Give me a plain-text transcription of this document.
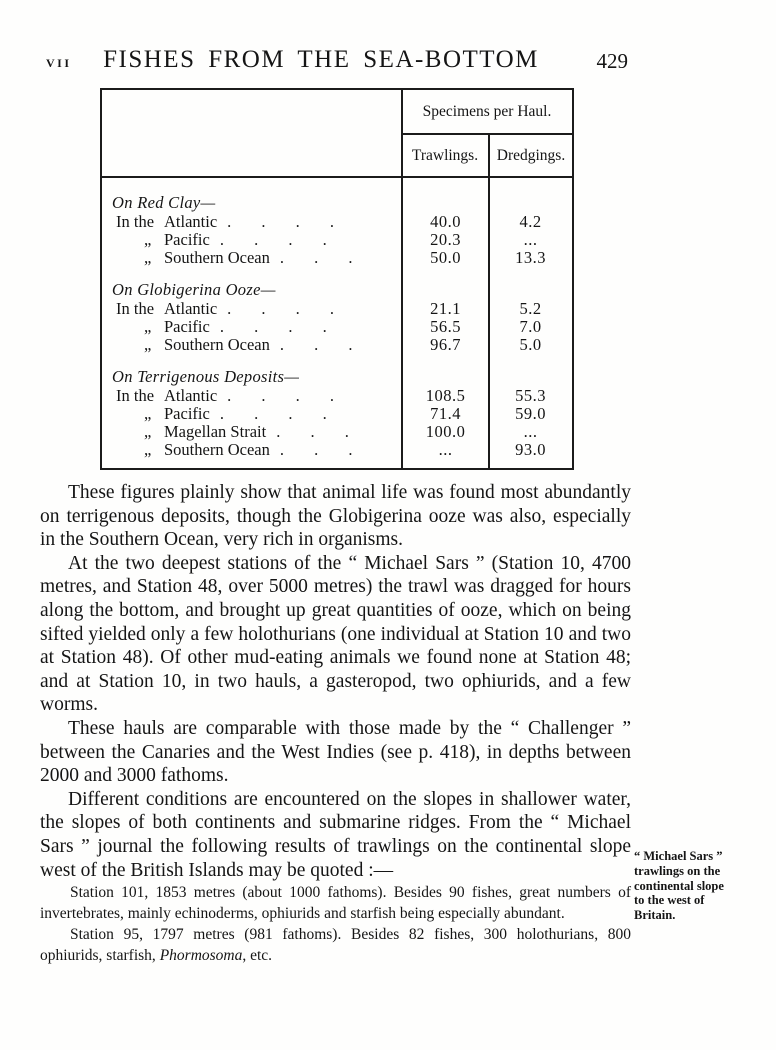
VII FISHES FROM THE SEA-BOTTOM	429
Specimens per Haul.
Trawlings.	Dredgings.
On Red Clay—
In the Atlantic . . . .	40.0	4.2
„ Pacific . . . .	20.3	...
„ Southern Ocean . . .	50.0	13.3
On Globigerina Ooze—
In the Atlantic . . . .	21.1	5.2
„ Pacific . . . .	56.5	7.0
„ Southern Ocean . . .	96.7	5.0
On Terrigenous Deposits—
In the Atlantic . . . .	108.5	55.3
„ Pacific . . . .	71.4	59.0
„ Magellan Strait . . .	100.0	...
„ Southern Ocean . . .	...	93.0

These figures plainly show that animal life was found most abundantly on terrigenous deposits, though the Globigerina ooze was also, especially in the Southern Ocean, very rich in organisms.

At the two deepest stations of the “ Michael Sars ” (Station 10, 4700 metres, and Station 48, over 5000 metres) the trawl was dragged for hours along the bottom, and brought up great quantities of ooze, which on being sifted yielded only a few holothurians (one individual at Station 10 and two at Station 48). Of other mud-eating animals we found none at Station 48; and at Station 10, in two hauls, a gasteropod, two ophiurids, and a few worms.

These hauls are comparable with those made by the “ Challenger ” between the Canaries and the West Indies (see p. 418), in depths between 2000 and 3000 fathoms.

Different conditions are encountered on the slopes in shallower water, the slopes of both continents and submarine ridges. From the “ Michael Sars ” journal the following results of trawlings on the continental slope west of the British Islands may be quoted :—

Station 101, 1853 metres (about 1000 fathoms). Besides 90 fishes, great numbers of invertebrates, mainly echinoderms, ophiurids and starfish being especially abundant.

Station 95, 1797 metres (981 fathoms). Besides 82 fishes, 300 holothurians, 800 ophiurids, starfish, Phormosoma, etc.

“ Michael Sars ” trawlings on the continental slope to the west of Britain.
